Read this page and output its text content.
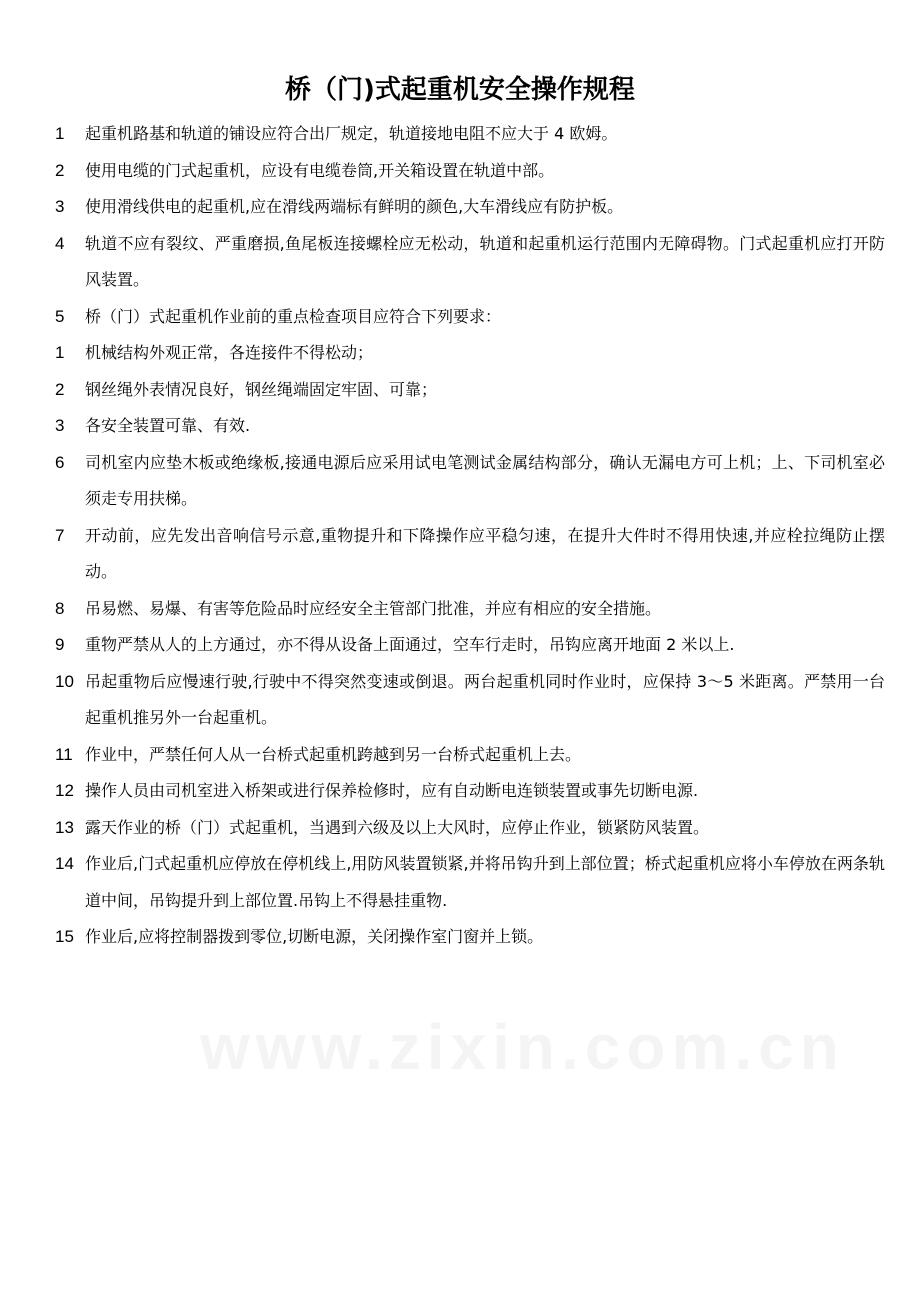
桥（门)式起重机安全操作规程
1	起重机路基和轨道的铺设应符合出厂规定，轨道接地电阻不应大于 4 欧姆。
2	使用电缆的门式起重机，应设有电缆卷筒,开关箱设置在轨道中部。
3	使用滑线供电的起重机,应在滑线两端标有鲜明的颜色,大车滑线应有防护板。
4	轨道不应有裂纹、严重磨损,鱼尾板连接螺栓应无松动，轨道和起重机运行范围内无障碍物。门式起重机应打开防风装置。
5	桥（门）式起重机作业前的重点检查项目应符合下列要求：
1	机械结构外观正常，各连接件不得松动；
2	钢丝绳外表情况良好，钢丝绳端固定牢固、可靠；
3	各安全装置可靠、有效.
6	司机室内应垫木板或绝缘板,接通电源后应采用试电笔测试金属结构部分，确认无漏电方可上机；上、下司机室必须走专用扶梯。
7	开动前，应先发出音响信号示意,重物提升和下降操作应平稳匀速，在提升大件时不得用快速,并应栓拉绳防止摆动。
8	吊易燃、易爆、有害等危险品时应经安全主管部门批准，并应有相应的安全措施。
9	重物严禁从人的上方通过，亦不得从设备上面通过，空车行走时，吊钩应离开地面 2 米以上.
10 吊起重物后应慢速行驶,行驶中不得突然变速或倒退。两台起重机同时作业时，应保持 3～5 米距离。严禁用一台起重机推另外一台起重机。
11 作业中，严禁任何人从一台桥式起重机跨越到另一台桥式起重机上去。
12 操作人员由司机室进入桥架或进行保养检修时，应有自动断电连锁装置或事先切断电源.
13 露天作业的桥（门）式起重机，当遇到六级及以上大风时，应停止作业，锁紧防风装置。
14 作业后,门式起重机应停放在停机线上,用防风装置锁紧,并将吊钩升到上部位置；桥式起重机应将小车停放在两条轨道中间，吊钩提升到上部位置.吊钩上不得悬挂重物.
15 作业后,应将控制器拨到零位,切断电源，关闭操作室门窗并上锁。
